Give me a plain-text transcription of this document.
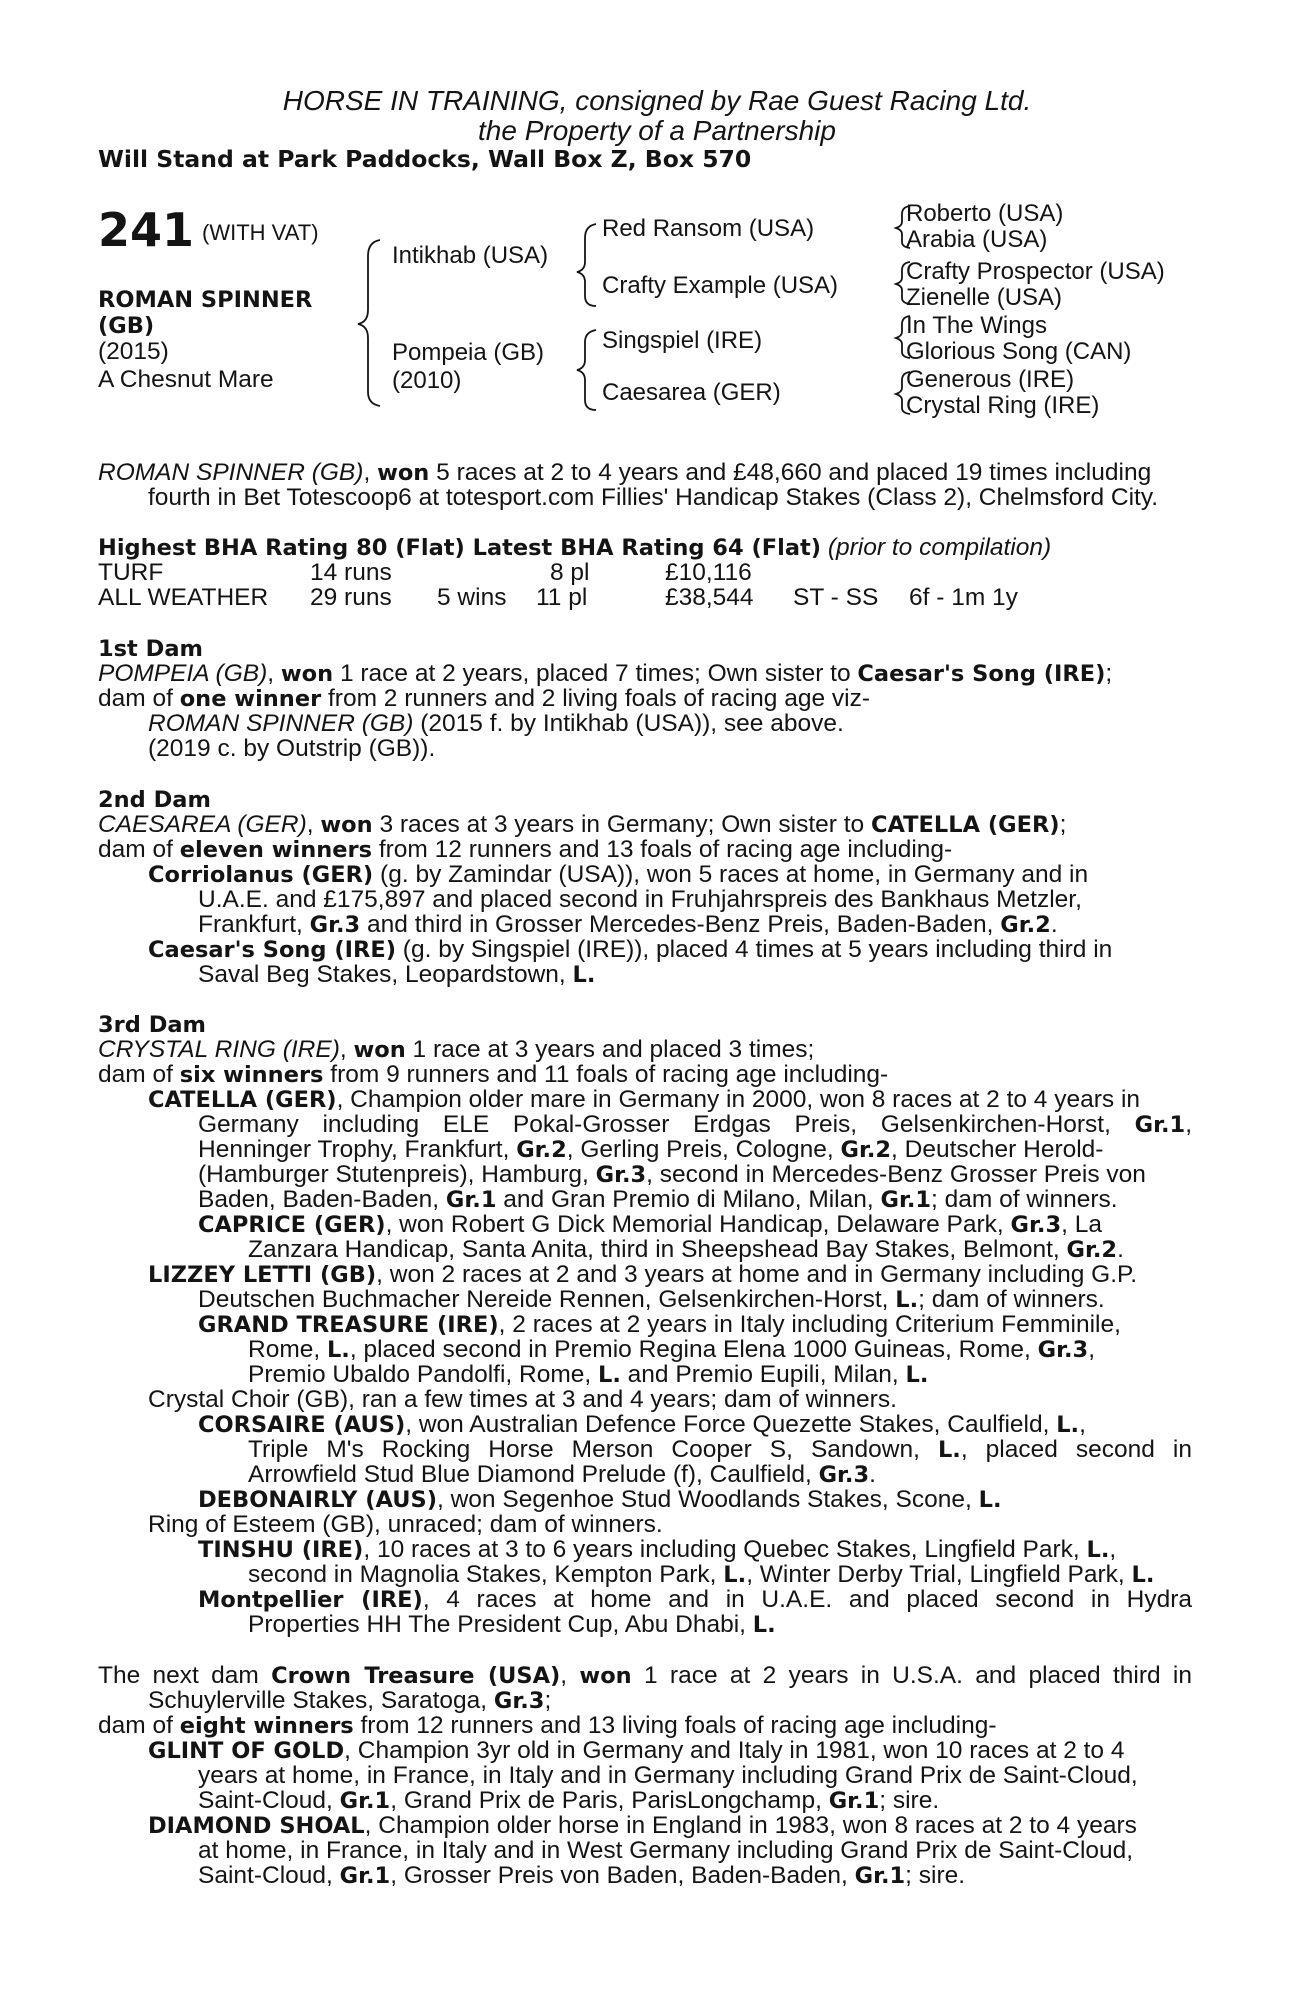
HORSE IN TRAINING, consigned by Rae Guest Racing Ltd.
the Property of a Partnership
Will Stand at Park Paddocks, Wall Box Z, Box 570
241 (WITH VAT)
ROMAN SPINNER
(GB)
(2015)
A Chesnut Mare
Intikhab (USA)
Pompeia (GB)
(2010)
Red Ransom (USA)
Crafty Example (USA)
Singspiel (IRE)
Caesarea (GER)
Roberto (USA)
Arabia (USA)
Crafty Prospector (USA)
Zienelle (USA)
In The Wings
Glorious Song (CAN)
Generous (IRE)
Crystal Ring (IRE)
ROMAN SPINNER (GB), won 5 races at 2 to 4 years and £48,660 and placed 19 times including
fourth in Bet Totescoop6 at totesport.com Fillies' Handicap Stakes (Class 2), Chelmsford City.
Highest BHA Rating 80 (Flat) Latest BHA Rating 64 (Flat) (prior to compilation)
TURF	14 runs	8 pl	£10,116
ALL WEATHER 29 runs 5 wins 11 pl	£38,544 ST - SS 6f - 1m 1y
1st Dam
POMPEIA (GB), won 1 race at 2 years, placed 7 times; Own sister to Caesar's Song (IRE);
dam of one winner from 2 runners and 2 living foals of racing age viz-
ROMAN SPINNER (GB) (2015 f. by Intikhab (USA)), see above.
(2019 c. by Outstrip (GB)).
2nd Dam
CAESAREA (GER), won 3 races at 3 years in Germany; Own sister to CATELLA (GER);
dam of eleven winners from 12 runners and 13 foals of racing age including-
Corriolanus (GER) (g. by Zamindar (USA)), won 5 races at home, in Germany and in
U.A.E. and £175,897 and placed second in Fruhjahrspreis des Bankhaus Metzler,
Frankfurt, Gr.3 and third in Grosser Mercedes-Benz Preis, Baden-Baden, Gr.2.
Caesar's Song (IRE) (g. by Singspiel (IRE)), placed 4 times at 5 years including third in
Saval Beg Stakes, Leopardstown, L.
3rd Dam
CRYSTAL RING (IRE), won 1 race at 3 years and placed 3 times;
dam of six winners from 9 runners and 11 foals of racing age including-
CATELLA (GER), Champion older mare in Germany in 2000, won 8 races at 2 to 4 years in
Germany including ELE Pokal-Grosser Erdgas Preis, Gelsenkirchen-Horst, Gr.1,
Henninger Trophy, Frankfurt, Gr.2, Gerling Preis, Cologne, Gr.2, Deutscher Herold-
(Hamburger Stutenpreis), Hamburg, Gr.3, second in Mercedes-Benz Grosser Preis von
Baden, Baden-Baden, Gr.1 and Gran Premio di Milano, Milan, Gr.1; dam of winners.
CAPRICE (GER), won Robert G Dick Memorial Handicap, Delaware Park, Gr.3, La
Zanzara Handicap, Santa Anita, third in Sheepshead Bay Stakes, Belmont, Gr.2.
LIZZEY LETTI (GB), won 2 races at 2 and 3 years at home and in Germany including G.P.
Deutschen Buchmacher Nereide Rennen, Gelsenkirchen-Horst, L.; dam of winners.
GRAND TREASURE (IRE), 2 races at 2 years in Italy including Criterium Femminile,
Rome, L., placed second in Premio Regina Elena 1000 Guineas, Rome, Gr.3,
Premio Ubaldo Pandolfi, Rome, L. and Premio Eupili, Milan, L.
Crystal Choir (GB), ran a few times at 3 and 4 years; dam of winners.
CORSAIRE (AUS), won Australian Defence Force Quezette Stakes, Caulfield, L.,
Triple M's Rocking Horse Merson Cooper S, Sandown, L., placed second in
Arrowfield Stud Blue Diamond Prelude (f), Caulfield, Gr.3.
DEBONAIRLY (AUS), won Segenhoe Stud Woodlands Stakes, Scone, L.
Ring of Esteem (GB), unraced; dam of winners.
TINSHU (IRE), 10 races at 3 to 6 years including Quebec Stakes, Lingfield Park, L.,
second in Magnolia Stakes, Kempton Park, L., Winter Derby Trial, Lingfield Park, L.
Montpellier (IRE), 4 races at home and in U.A.E. and placed second in Hydra
Properties HH The President Cup, Abu Dhabi, L.
The next dam Crown Treasure (USA), won 1 race at 2 years in U.S.A. and placed third in
Schuylerville Stakes, Saratoga, Gr.3;
dam of eight winners from 12 runners and 13 living foals of racing age including-
GLINT OF GOLD, Champion 3yr old in Germany and Italy in 1981, won 10 races at 2 to 4
years at home, in France, in Italy and in Germany including Grand Prix de Saint-Cloud,
Saint-Cloud, Gr.1, Grand Prix de Paris, ParisLongchamp, Gr.1; sire.
DIAMOND SHOAL, Champion older horse in England in 1983, won 8 races at 2 to 4 years
at home, in France, in Italy and in West Germany including Grand Prix de Saint-Cloud,
Saint-Cloud, Gr.1, Grosser Preis von Baden, Baden-Baden, Gr.1; sire.
